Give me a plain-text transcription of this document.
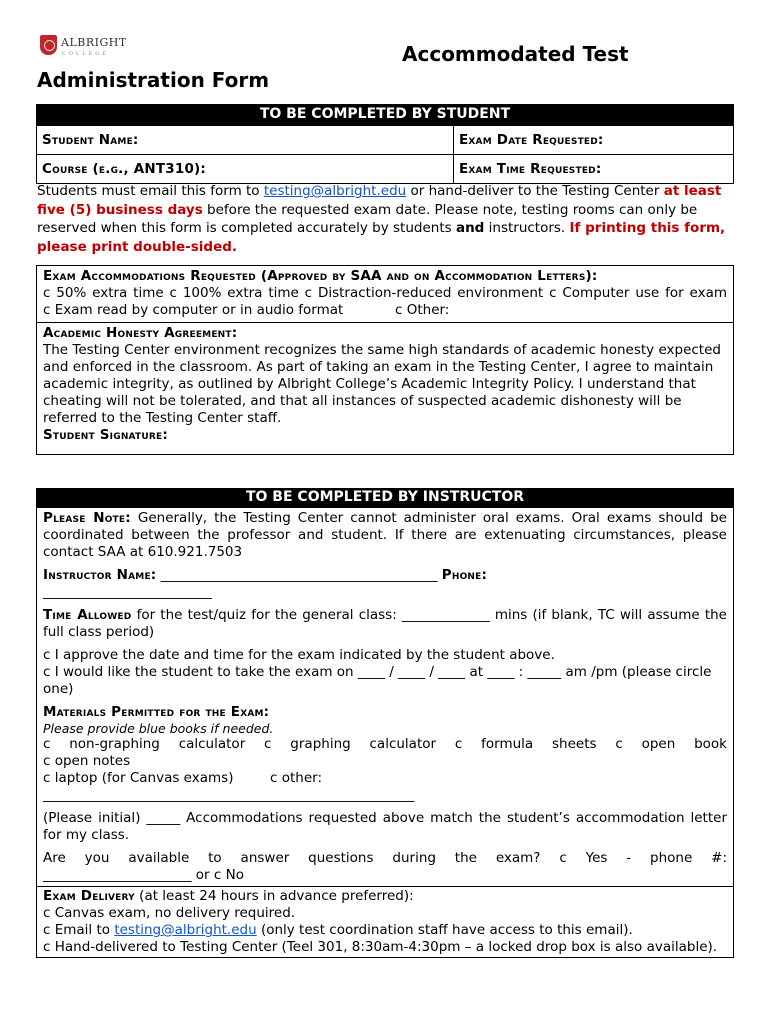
ALBRIGHT
COLLEGE	Accommodated Test
Administration Form
TO BE COMPLETED BY STUDENT
Student Name:	Exam Date Requested:
Course (e.g., ANT310):	Exam Time Requested:
Students must email this form to testing@albright.edu or hand-deliver to the Testing Center at least five (5) business days before the requested exam date. Please note, testing rooms can only be reserved when this form is completed accurately by students and instructors. If printing this form, please print double-sided.
Exam Accommodations Requested (Approved by SAA and on Accommodation Letters):
c 50% extra time c 100% extra time c Distraction-reduced environment c Computer use for exam
c Exam read by computer or in audio format	c Other:
Academic Honesty Agreement:
The Testing Center environment recognizes the same high standards of academic honesty expected and enforced in the classroom. As part of taking an exam in the Testing Center, I agree to maintain academic integrity, as outlined by Albright College’s Academic Integrity Policy. I understand that cheating will not be tolerated, and that all instances of suspected academic dishonesty will be referred to the Testing Center staff.
Student Signature:
TO BE COMPLETED BY INSTRUCTOR
Please Note: Generally, the Testing Center cannot administer oral exams. Oral exams should be coordinated between the professor and student. If there are extenuating circumstances, please contact SAA at 610.921.7503
Instructor Name: _________________________________________ Phone:
_________________________
Time Allowed for the test/quiz for the general class: _____________ mins (if blank, TC will assume the full class period)
c I approve the date and time for the exam indicated by the student above.
c I would like the student to take the exam on ____ / ____ / ____ at ____ : _____ am /pm (please circle one)
Materials Permitted for the Exam:
Please provide blue books if needed.
c non-graphing calculator c graphing calculator c formula sheets c open book
c open notes
c laptop (for Canvas exams)	c other:
_______________________________________________________
(Please initial) _____ Accommodations requested above match the student’s accommodation letter for my class.
Are you available to answer questions during the exam? c Yes - phone #:
______________________ or c No
Exam Delivery (at least 24 hours in advance preferred):
c Canvas exam, no delivery required.
c Email to testing@albright.edu (only test coordination staff have access to this email).
c Hand-delivered to Testing Center (Teel 301, 8:30am-4:30pm – a locked drop box is also available).
